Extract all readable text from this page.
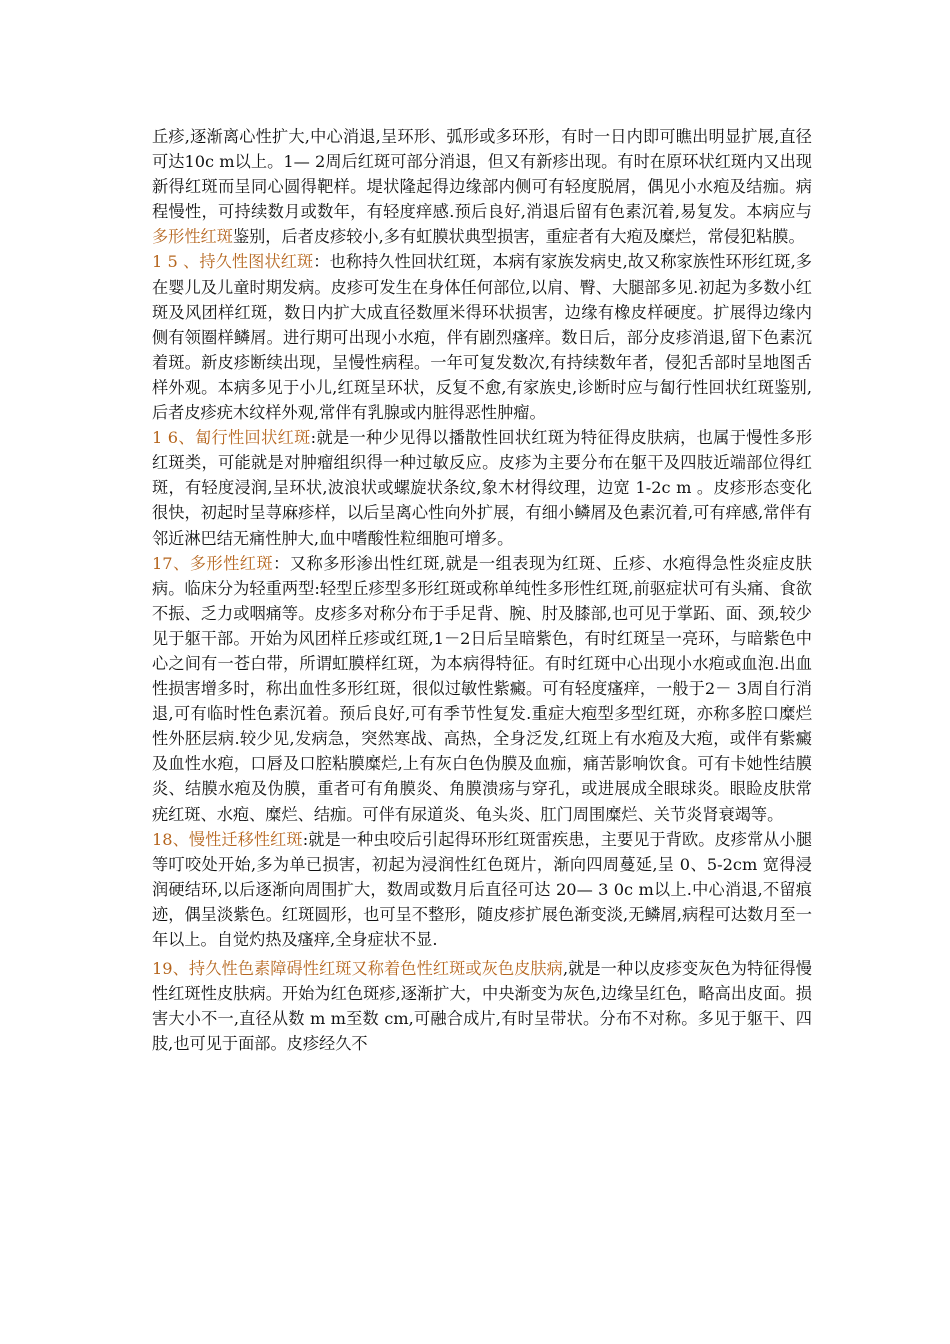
丘疹,逐渐离心性扩大,中心消退,呈环形、弧形或多环形，有时一日内即可瞧出明显扩展,直径可达10c m以上。1— 2周后红斑可部分消退，但又有新疹出现。有时在原环状红斑内又出现新得红斑而呈同心圆得靶样。堤状隆起得边缘部内侧可有轻度脱屑，偶见小水疱及结痂。病程慢性，可持续数月或数年，有轻度痒感.预后良好,消退后留有色素沉着,易复发。本病应与多形性红斑鉴别，后者皮疹较小,多有虹膜状典型损害，重症者有大疱及糜烂，常侵犯粘膜。

1 5 、持久性图状红斑：也称持久性回状红斑，本病有家族发病史,故又称家族性环形红斑,多在婴儿及儿童时期发病。皮疹可发生在身体任何部位,以肩、臀、大腿部多见.初起为多数小红斑及风团样红斑，数日内扩大成直径数厘米得环状损害，边缘有橡皮样硬度。扩展得边缘内侧有领圈样鳞屑。进行期可出现小水疱，伴有剧烈瘙痒。数日后，部分皮疹消退,留下色素沉着斑。新皮疹断续出现，呈慢性病程。一年可复发数次,有持续数年者，侵犯舌部时呈地图舌样外观。本病多见于小儿,红斑呈环状，反复不愈,有家族史,诊断时应与匐行性回状红斑鉴别,后者皮疹疣木纹样外观,常伴有乳腺或内脏得恶性肿瘤。

1 6、匐行性回状红斑:就是一种少见得以播散性回状红斑为特征得皮肤病，也属于慢性多形红斑类，可能就是对肿瘤组织得一种过敏反应。皮疹为主要分布在躯干及四肢近端部位得红斑，有轻度浸润,呈环状,波浪状或螺旋状条纹,象木材得纹理，边宽 1-2c m 。皮疹形态变化很快，初起时呈荨麻疹样，以后呈离心性向外扩展，有细小鳞屑及色素沉着,可有痒感,常伴有邻近淋巴结无痛性肿大,血中嗜酸性粒细胞可增多。

17、多形性红斑：又称多形渗出性红斑,就是一组表现为红斑、丘疹、水疱得急性炎症皮肤病。临床分为轻重两型:轻型丘疹型多形红斑或称单纯性多形性红斑,前驱症状可有头痛、食欲不振、乏力或咽痛等。皮疹多对称分布于手足背、腕、肘及膝部,也可见于掌跖、面、颈,较少见于躯干部。开始为风团样丘疹或红斑,1－2日后呈暗紫色，有时红斑呈一亮环，与暗紫色中心之间有一苍白带，所谓虹膜样红斑，为本病得特征。有时红斑中心出现小水疱或血泡.出血性损害增多时，称出血性多形红斑，很似过敏性紫癜。可有轻度瘙痒，一般于2－ 3周自行消退,可有临时性色素沉着。预后良好,可有季节性复发.重症大疱型多型红斑，亦称多腔口糜烂性外胚层病.较少见,发病急，突然寒战、高热，全身泛发,红斑上有水疱及大疱，或伴有紫癜及血性水疱，口唇及口腔粘膜糜烂,上有灰白色伪膜及血痂，痛苦影响饮食。可有卡她性结膜炎、结膜水疱及伪膜，重者可有角膜炎、角膜溃疡与穿孔，或进展成全眼球炎。眼睑皮肤常疣红斑、水疱、糜烂、结痂。可伴有尿道炎、龟头炎、肛门周围糜烂、关节炎肾衰竭等。

18、慢性迁移性红斑:就是一种虫咬后引起得环形红斑雷疾患，主要见于背欧。皮疹常从小腿等叮咬处开始,多为单已损害，初起为浸润性红色斑片，渐向四周蔓延,呈 0、5-2cm 宽得浸润硬结环,以后逐渐向周围扩大，数周或数月后直径可达 20— 3 0c m以上.中心消退,不留痕迹，偶呈淡紫色。红斑圆形，也可呈不整形，随皮疹扩展色渐变淡,无鳞屑,病程可达数月至一年以上。自觉灼热及瘙痒,全身症状不显.

19、持久性色素障碍性红斑又称着色性红斑或灰色皮肤病,就是一种以皮疹变灰色为特征得慢性红斑性皮肤病。开始为红色斑疹,逐渐扩大，中央渐变为灰色,边缘呈红色，略高出皮面。损害大小不一,直径从数 m m至数 cm,可融合成片,有时呈带状。分布不对称。多见于躯干、四肢,也可见于面部。皮疹经久不
